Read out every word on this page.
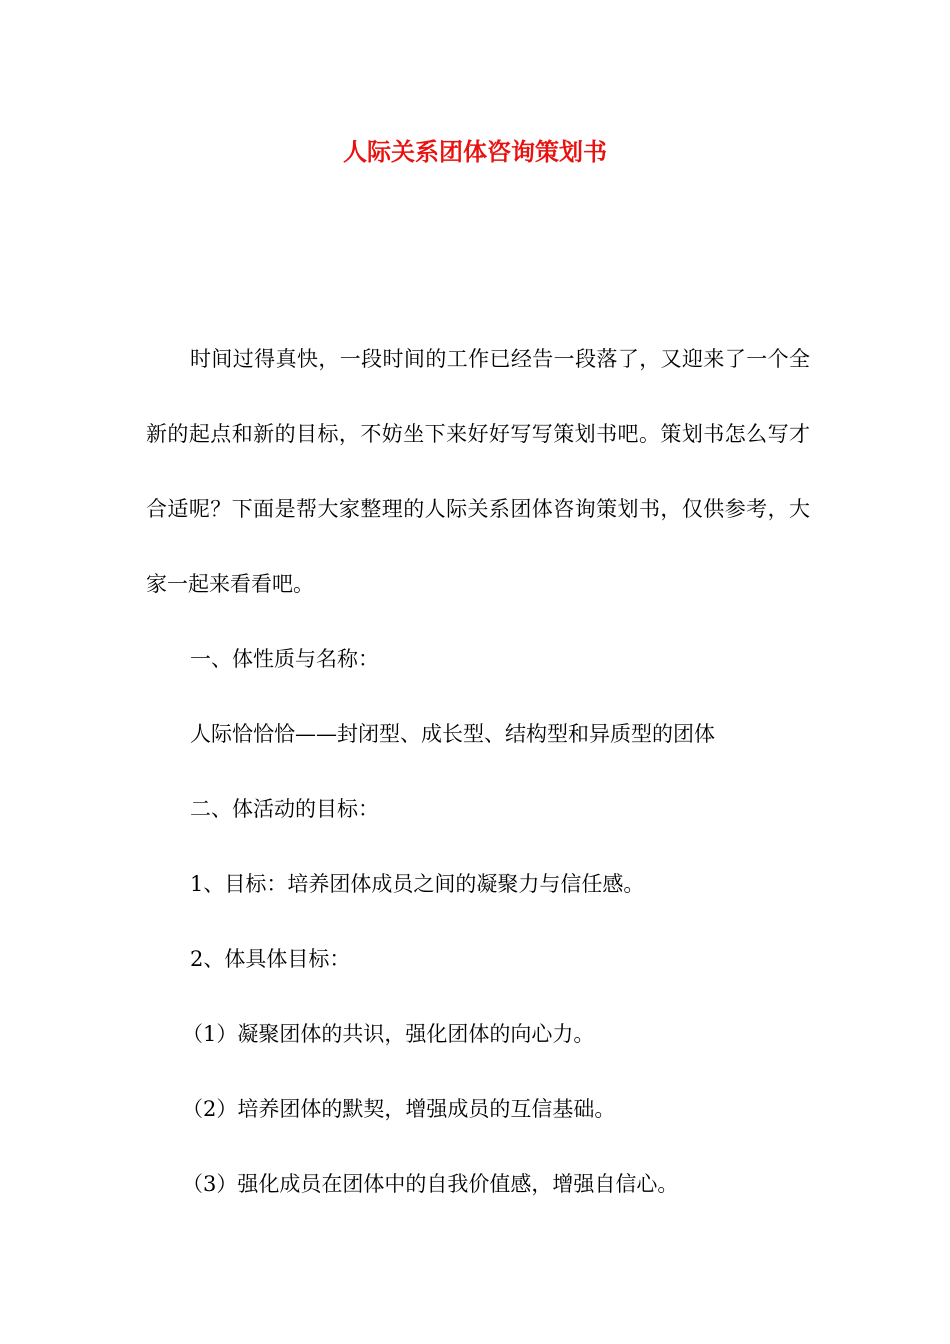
人际关系团体咨询策划书

时间过得真快，一段时间的工作已经告一段落了，又迎来了一个全新的起点和新的目标，不妨坐下来好好写写策划书吧。策划书怎么写才合适呢？下面是帮大家整理的人际关系团体咨询策划书，仅供参考，大家一起来看看吧。

一、体性质与名称：

人际恰恰恰——封闭型、成长型、结构型和异质型的团体

二、体活动的目标：

1、目标：培养团体成员之间的凝聚力与信任感。

2、体具体目标：

（1）凝聚团体的共识，强化团体的向心力。

（2）培养团体的默契，增强成员的互信基础。

（3）强化成员在团体中的自我价值感，增强自信心。
